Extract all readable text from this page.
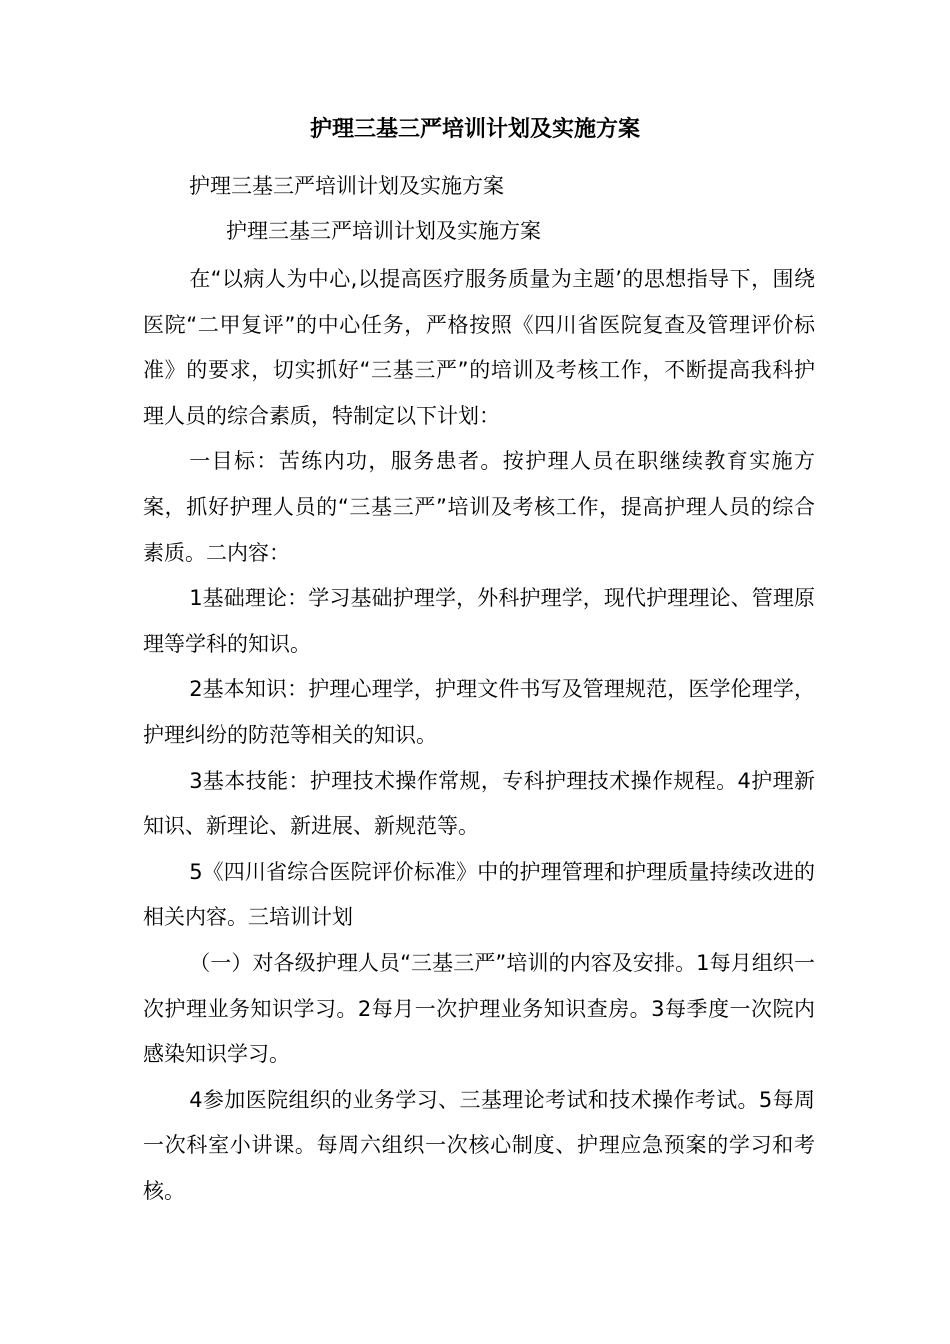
护理三基三严培训计划及实施方案

护理三基三严培训计划及实施方案

护理三基三严培训计划及实施方案

在“以病人为中心,以提高医疗服务质量为主题’的思想指导下，围绕医院“二甲复评”的中心任务，严格按照《四川省医院复查及管理评价标准》的要求，切实抓好“三基三严”的培训及考核工作，不断提高我科护理人员的综合素质，特制定以下计划：

一目标：苦练内功，服务患者。按护理人员在职继续教育实施方案，抓好护理人员的“三基三严”培训及考核工作，提高护理人员的综合素质。二内容：

1基础理论：学习基础护理学，外科护理学，现代护理理论、管理原理等学科的知识。

2基本知识：护理心理学，护理文件书写及管理规范，医学伦理学，护理纠纷的防范等相关的知识。

3基本技能：护理技术操作常规，专科护理技术操作规程。4护理新知识、新理论、新进展、新规范等。

5《四川省综合医院评价标准》中的护理管理和护理质量持续改进的相关内容。三培训计划

（一）对各级护理人员“三基三严”培训的内容及安排。1每月组织一次护理业务知识学习。2每月一次护理业务知识查房。3每季度一次院内感染知识学习。

4参加医院组织的业务学习、三基理论考试和技术操作考试。5每周一次科室小讲课。每周六组织一次核心制度、护理应急预案的学习和考核。
